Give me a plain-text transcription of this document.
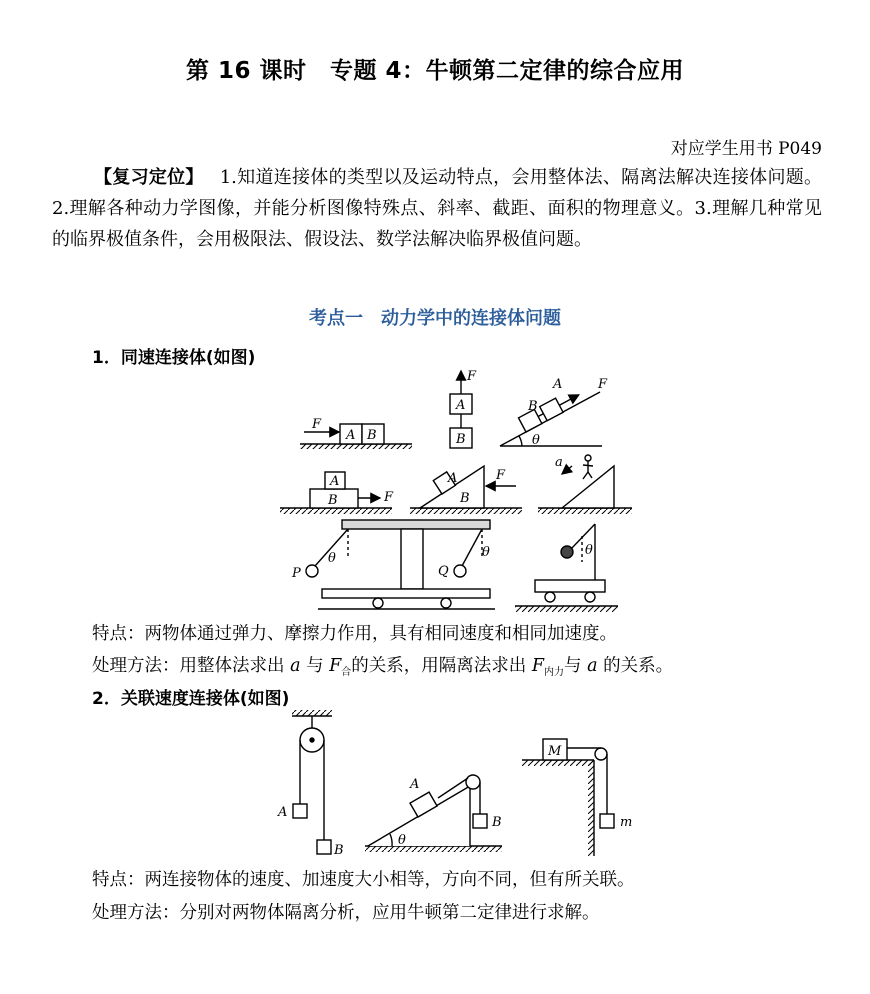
第 16 课时　专题 4：牛顿第二定律的综合应用
对应学生用书 P049
【复习定位】 1.知道连接体的类型以及运动特点，会用整体法、隔离法解决连接体问题。2.理解各种动力学图像，并能分析图像特殊点、斜率、截距、面积的物理意义。3.理解几种常见的临界极值条件，会用极限法、假设法、数学法解决临界极值问题。
考点一　动力学中的连接体问题
1．同速连接体(如图)
F
A B
F
A
B
B
A	F
θ
A
B	F
A
B
F
a
P	Q
θ	θ	θ
特点：两物体通过弹力、摩擦力作用，具有相同速度和相同加速度。
处理方法：用整体法求出 a 与 $F_合$的关系，用隔离法求出 $F_{内力}$与 a 的关系。
2．关联速度连接体(如图)
A
B
A
B
θ
M
m
特点：两连接物体的速度、加速度大小相等，方向不同，但有所关联。
处理方法：分别对两物体隔离分析，应用牛顿第二定律进行求解。
